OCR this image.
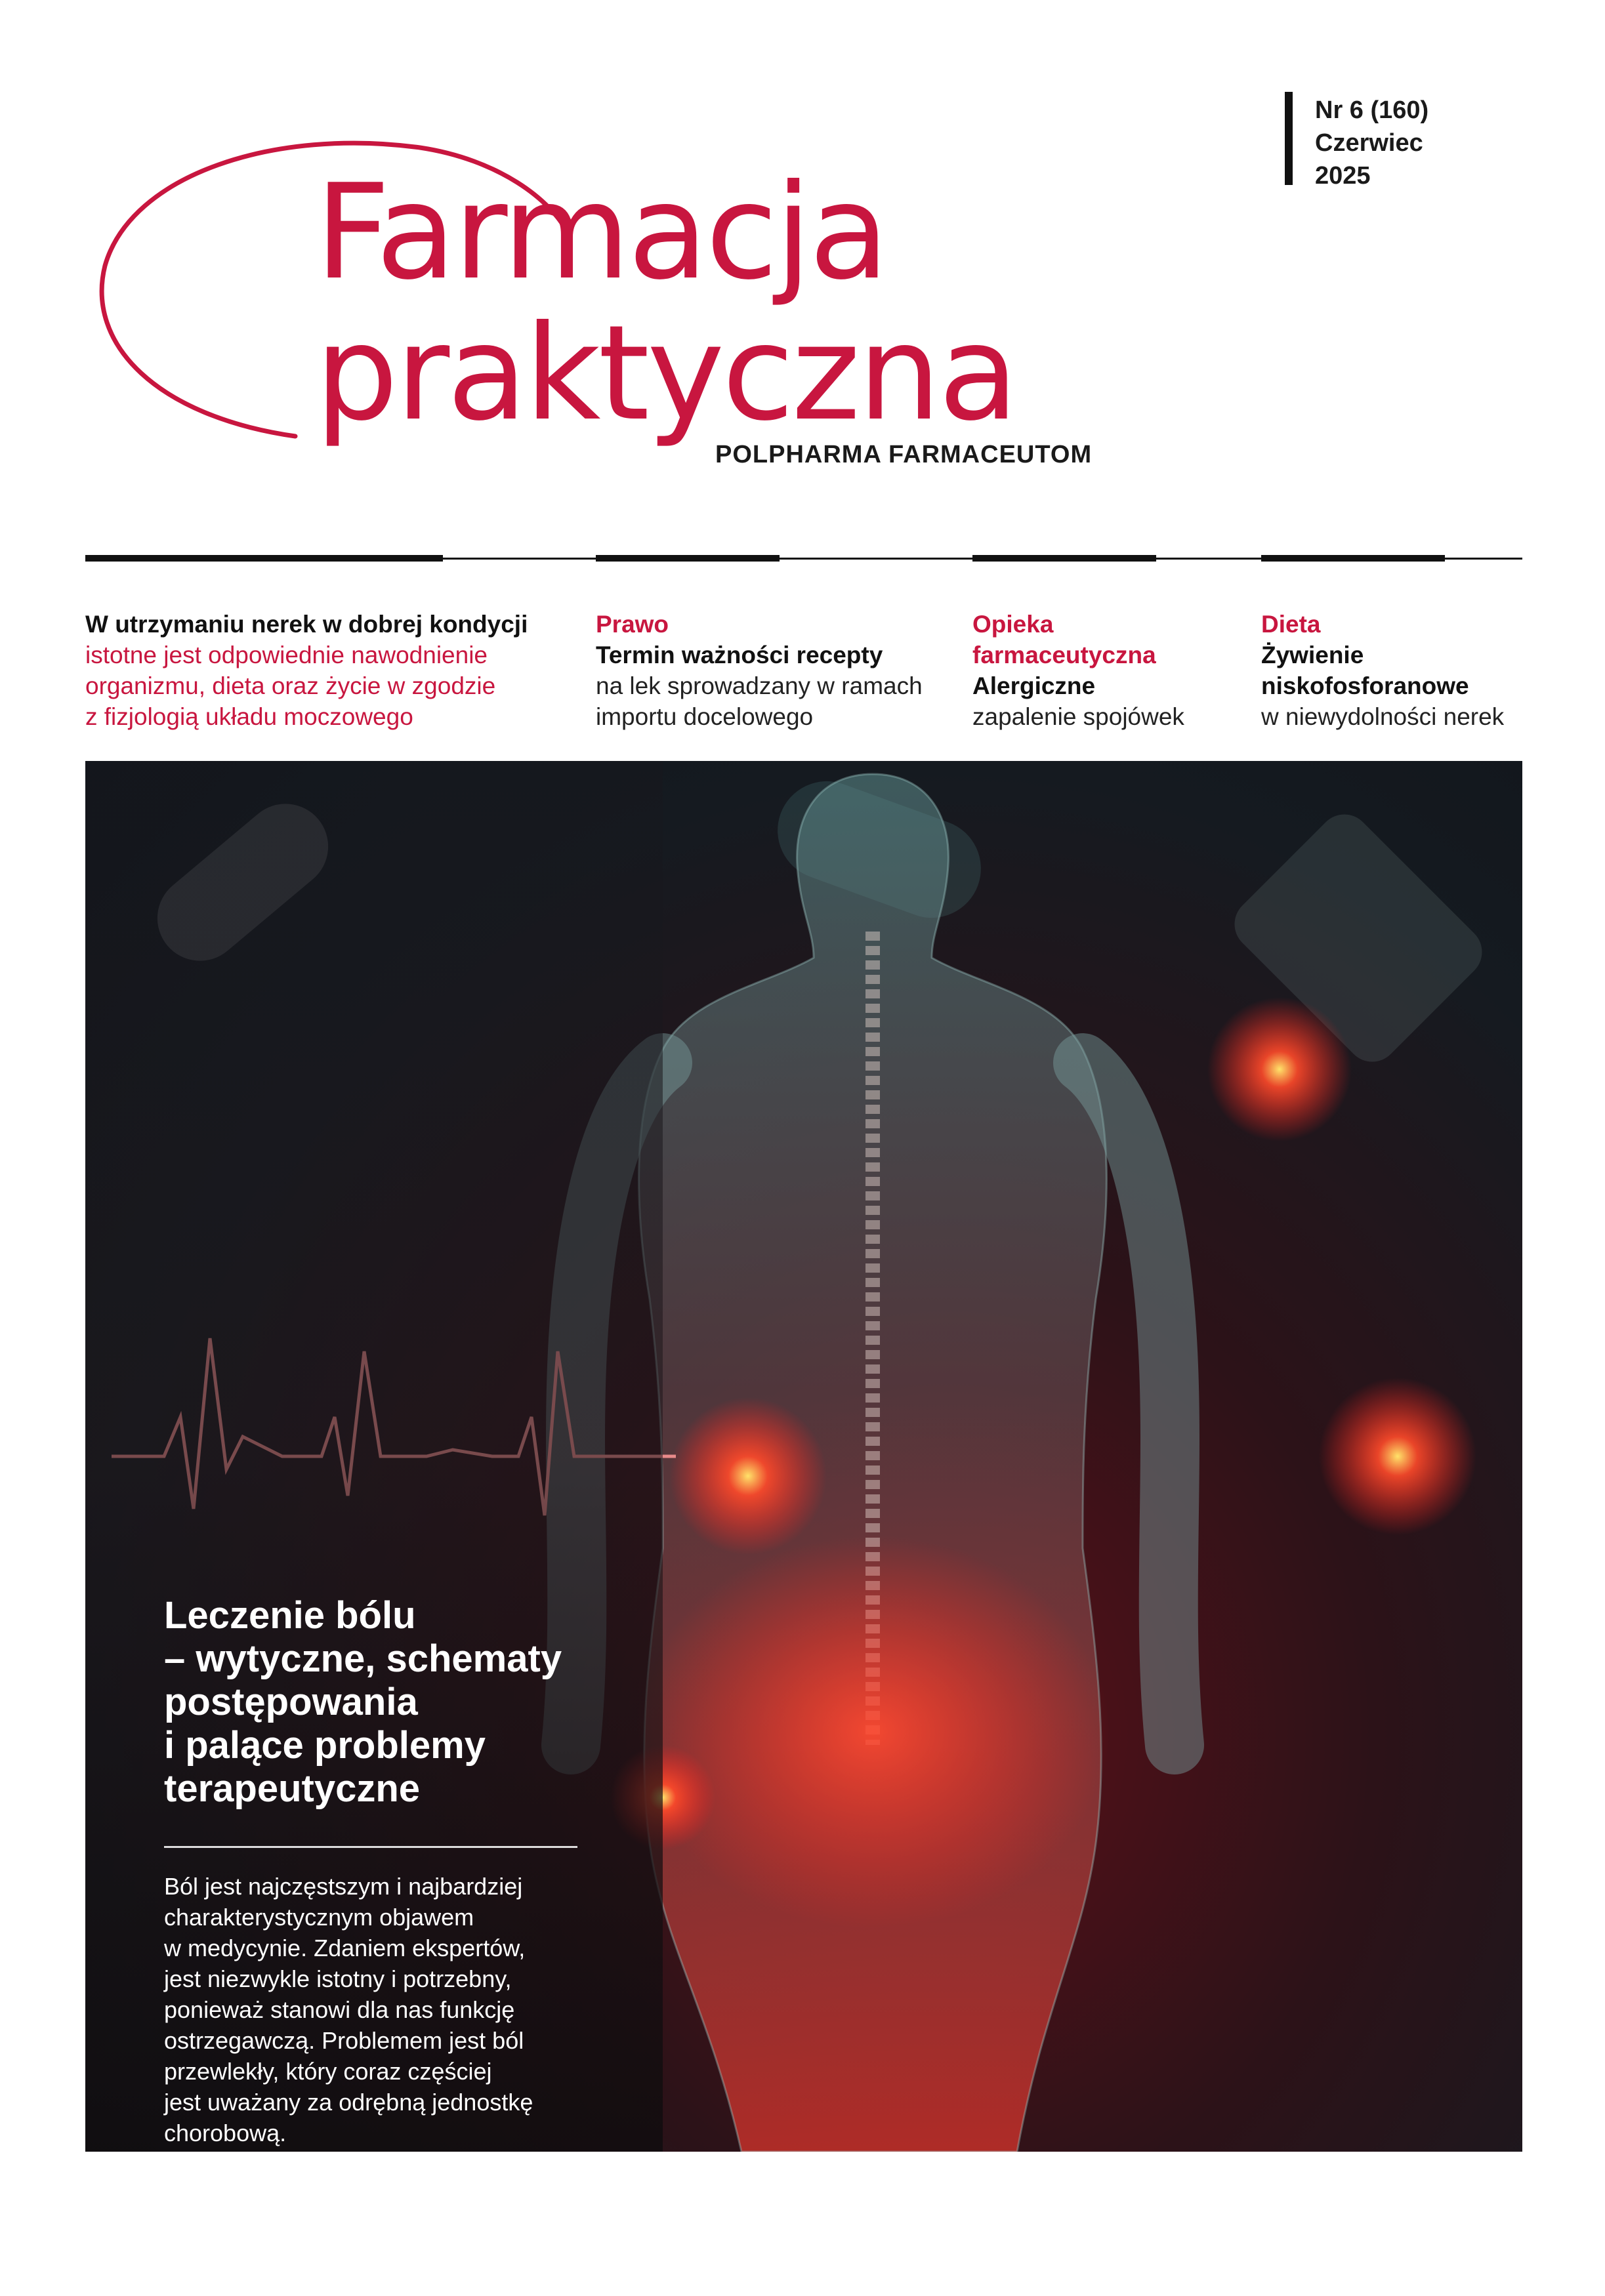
Farmacja
praktyczna
POLPHARMA FARMACEUTOM
Nr 6 (160)
Czerwiec
2025
W utrzymaniu nerek w dobrej kondycji
istotne jest odpowiednie nawodnienie
organizmu, dieta oraz życie w zgodzie
z fizjologią układu moczowego
Prawo
Termin ważności recepty
na lek sprowadzany w ramach
importu docelowego
Opieka
farmaceutyczna
Alergiczne
zapalenie spojówek
Dieta
Żywienie
niskofosforanowe
w niewydolności nerek
Leczenie bólu
– wytyczne, schematy
postępowania
i palące problemy
terapeutyczne
Ból jest najczęstszym i najbardziej
charakterystycznym objawem
w medycynie. Zdaniem ekspertów,
jest niezwykle istotny i potrzebny,
ponieważ stanowi dla nas funkcję
ostrzegawczą. Problemem jest ból
przewlekły, który coraz częściej
jest uważany za odrębną jednostkę
chorobową.
